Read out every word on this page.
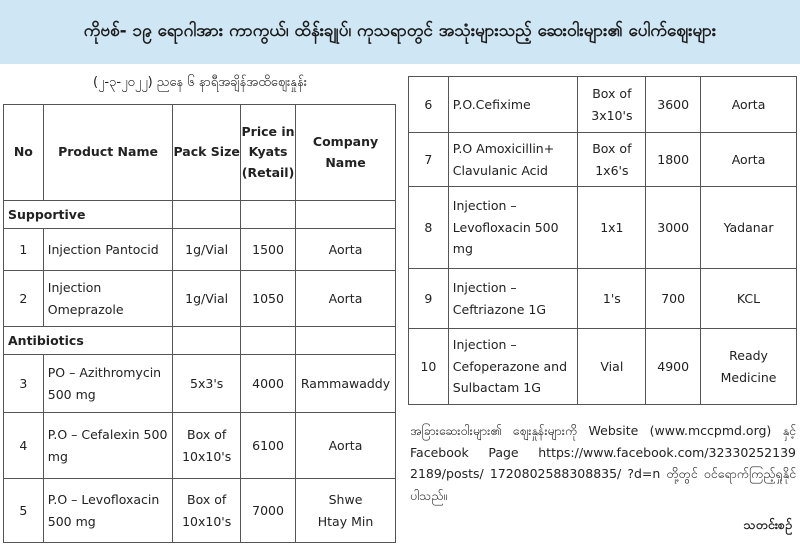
ကိုဗစ်- ၁၉ ရောဂါအား ကာကွယ်၊ ထိန်းချုပ်၊ ကုသရာတွင် အသုံးများသည့် ဆေးဝါးများ၏ ပေါက်ဈေးများ
(၂-၃-၂၀၂၂) ညနေ ၆ နာရီအချိန်အထိဈေးနှုန်း
No	Product Name	Pack Size	Price in Kyats (Retail)	Company Name
Supportive				
1	Injection Pantocid	1g/Vial	1500	Aorta
2	Injection Omeprazole	1g/Vial	1050	Aorta
Antibiotics				
3	PO – Azithromycin 500 mg	5x3's	4000	Rammawaddy
4	P.O – Cefalexin 500 mg	Box of 10x10's	6100	Aorta
5	P.O – Levofloxacin 500 mg	Box of 10x10's	7000	Shwe Htay Min
6	P.O.Cefixime	Box of 3x10's	3600	Aorta
7	P.O Amoxicillin+ Clavulanic Acid	Box of 1x6's	1800	Aorta
8	Injection – Levofloxacin 500 mg	1x1	3000	Yadanar
9	Injection – Ceftriazone 1G	1's	700	KCL
10	Injection – Cefoperazone and Sulbactam 1G	Vial	4900	Ready Medicine
အခြားဆေးဝါးများ၏ ဈေးနှုန်းများကို Website (www.mccpmd.org) နှင့် Facebook Page https://www.facebook.com/32330252139 2189/posts/ 1720802588308835/ ?d=n တို့တွင် ဝင်ရောက်ကြည့်ရှုနိုင်ပါသည်။
သတင်းစဉ်
